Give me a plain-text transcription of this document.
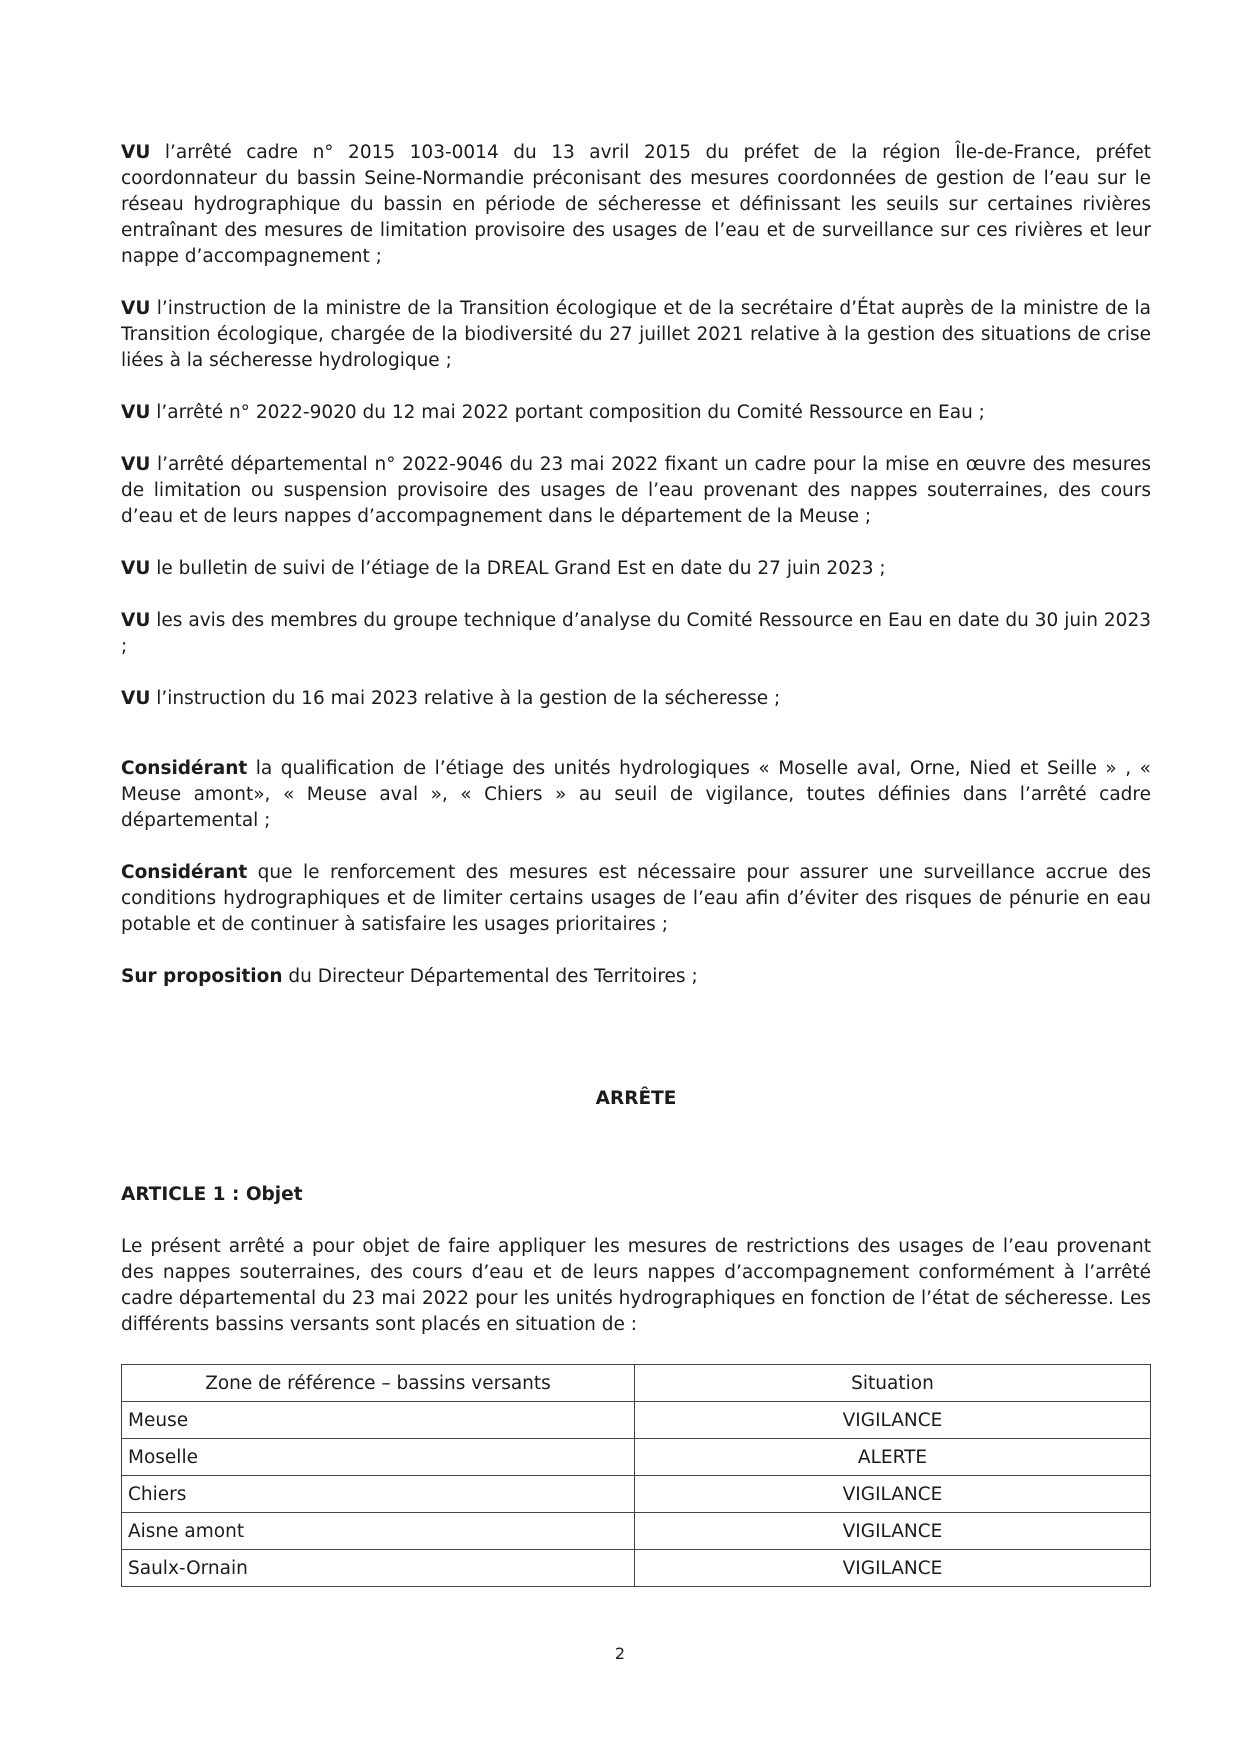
VU l’arrêté cadre n° 2015 103-0014 du 13 avril 2015 du préfet de la région Île-de-France, préfet coordonnateur du bassin Seine-Normandie préconisant des mesures coordonnées de gestion de l’eau sur le réseau hydrographique du bassin en période de sécheresse et définissant les seuils sur certaines rivières entraînant des mesures de limitation provisoire des usages de l’eau et de surveillance sur ces rivières et leur nappe d’accompagnement ;

VU l’instruction de la ministre de la Transition écologique et de la secrétaire d’État auprès de la ministre de la Transition écologique, chargée de la biodiversité du 27 juillet 2021 relative à la gestion des situations de crise liées à la sécheresse hydrologique ;

VU l’arrêté n° 2022-9020 du 12 mai 2022 portant composition du Comité Ressource en Eau ;

VU l’arrêté départemental n° 2022-9046 du 23 mai 2022 fixant un cadre pour la mise en œuvre des mesures de limitation ou suspension provisoire des usages de l’eau provenant des nappes souterraines, des cours d’eau et de leurs nappes d’accompagnement dans le département de la Meuse ;

VU le bulletin de suivi de l’étiage de la DREAL Grand Est en date du 27 juin 2023 ;

VU les avis des membres du groupe technique d’analyse du Comité Ressource en Eau en date du 30 juin 2023 ;

VU l’instruction du 16 mai 2023 relative à la gestion de la sécheresse ;

Considérant la qualification de l’étiage des unités hydrologiques « Moselle aval, Orne, Nied et Seille » , « Meuse amont», « Meuse aval », « Chiers » au seuil de vigilance, toutes définies dans l’arrêté cadre départemental ;

Considérant que le renforcement des mesures est nécessaire pour assurer une surveillance accrue des conditions hydrographiques et de limiter certains usages de l’eau afin d’éviter des risques de pénurie en eau potable et de continuer à satisfaire les usages prioritaires ;

Sur proposition du Directeur Départemental des Territoires ;

ARRÊTE

ARTICLE 1 : Objet

Le présent arrêté a pour objet de faire appliquer les mesures de restrictions des usages de l’eau provenant des nappes souterraines, des cours d’eau et de leurs nappes d’accompagnement conformément à l’arrêté cadre départemental du 23 mai 2022 pour les unités hydrographiques en fonction de l’état de sécheresse. Les différents bassins versants sont placés en situation de :

Zone de référence – bassins versants	Situation
Meuse	VIGILANCE
Moselle	ALERTE
Chiers	VIGILANCE
Aisne amont	VIGILANCE
Saulx-Ornain	VIGILANCE
2
